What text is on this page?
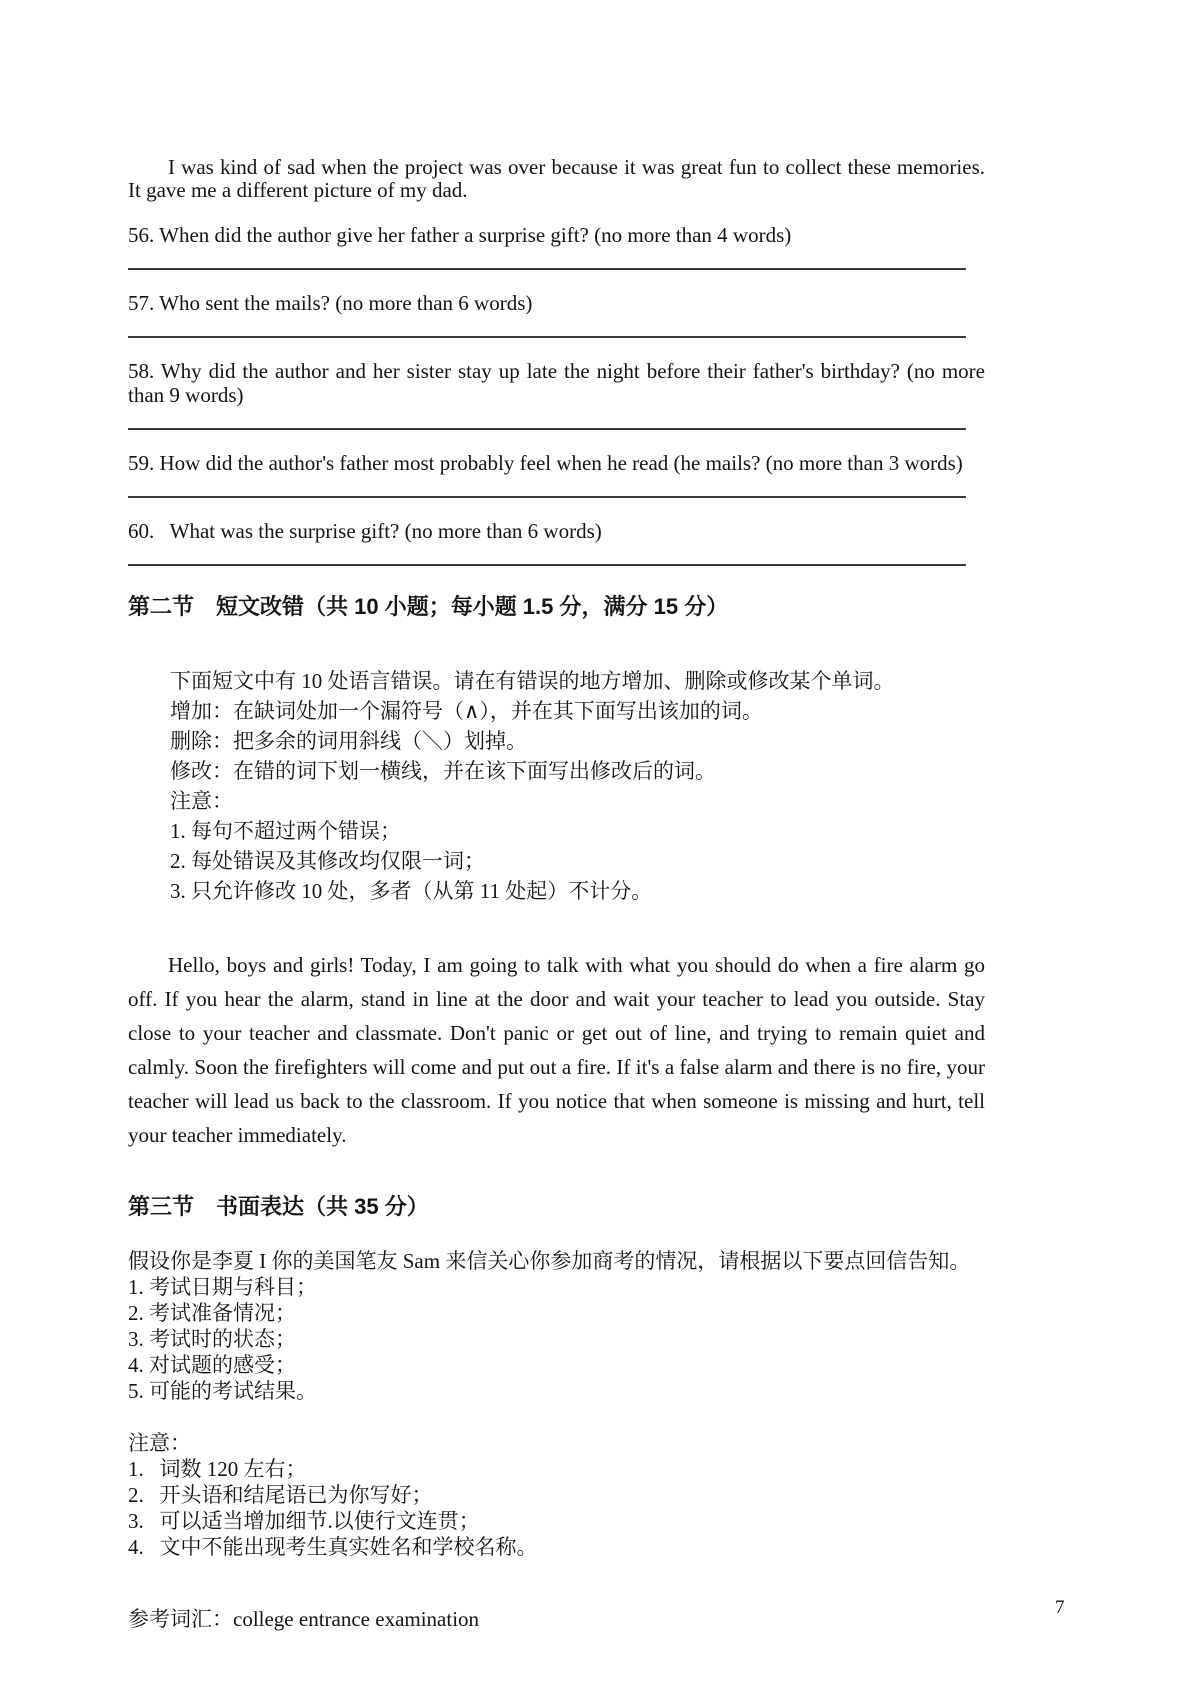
I was kind of sad when the project was over because it was great fun to collect these memories. It gave me a different picture of my dad.

56. When did the author give her father a surprise gift? (no more than 4 words)

57. Who sent the mails? (no more than 6 words)

58. Why did the author and her sister stay up late the night before their father's birthday? (no more than 9 words)

59. How did the author's father most probably feel when he read (he mails? (no more than 3 words)

60.   What was the surprise gift? (no more than 6 words)

第二节　短文改错（共 10 小题；每小题 1.5 分，满分 15 分）
下面短文中有 10 处语言错误。请在有错误的地方增加、删除或修改某个单词。
增加：在缺词处加一个漏符号（∧），并在其下面写出该加的词。
删除：把多余的词用斜线（＼）划掉。
修改：在错的词下划一横线，并在该下面写出修改后的词。
注意：
1. 每句不超过两个错误；
2. 每处错误及其修改均仅限一词；
3. 只允许修改 10 处，多者（从第 11 处起）不计分。

Hello, boys and girls! Today, I am going to talk with what you should do when a fire alarm go off. If you hear the alarm, stand in line at the door and wait your teacher to lead you outside. Stay close to your teacher and classmate. Don't panic or get out of line, and trying to remain quiet and calmly. Soon the firefighters will come and put out a fire. If it's a false alarm and there is no fire, your teacher will lead us back to the classroom. If you notice that when someone is missing and hurt, tell your teacher immediately.

第三节　书面表达（共 35 分）
假设你是李夏 I 你的美国笔友 Sam 来信关心你参加商考的情况，请根据以下要点回信告知。
1. 考试日期与科目；
2. 考试准备情况；
3. 考试时的状态；
4. 对试题的感受；
5. 可能的考试结果。
注意：
1.   词数 120 左右；
2.   开头语和结尾语已为你写好；
3.   可以适当增加细节.以使行文连贯；
4.   文中不能出现考生真实姓名和学校名称。
参考词汇：college entrance examination	7
